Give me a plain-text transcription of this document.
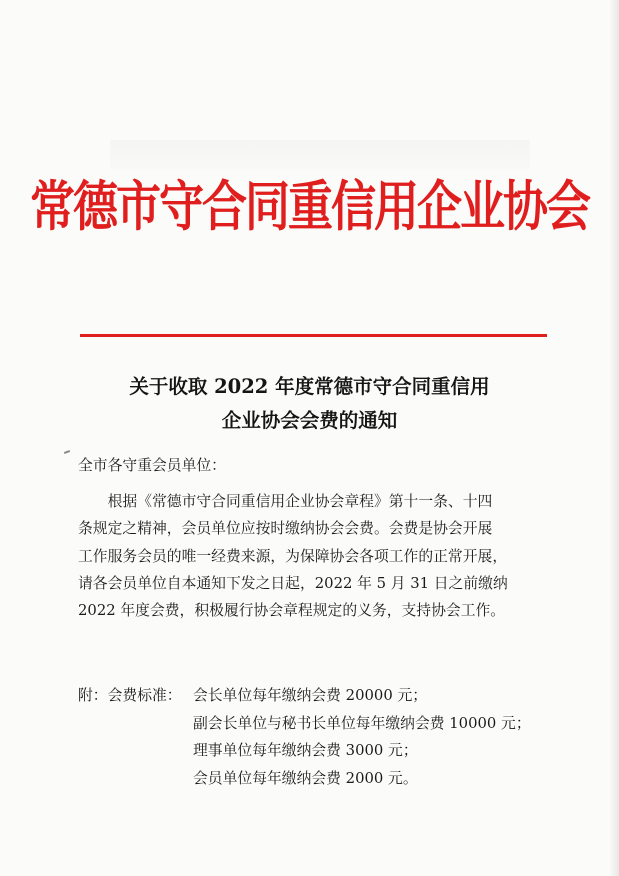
常德市守合同重信用企业协会
关于收取 2022 年度常德市守合同重信用
企业协会会费的通知
全市各守重会员单位：
　　根据《常德市守合同重信用企业协会章程》第十一条、十四
条规定之精神，会员单位应按时缴纳协会会费。会费是协会开展
工作服务会员的唯一经费来源，为保障协会各项工作的正常开展，
请各会员单位自本通知下发之日起，2022 年 5 月 31 日之前缴纳
2022 年度会费，积极履行协会章程规定的义务，支持协会工作。
附：会费标准： 会长单位每年缴纳会费 20000 元；
副会长单位与秘书长单位每年缴纳会费 10000 元；
理事单位每年缴纳会费 3000 元；
会员单位每年缴纳会费 2000 元。
